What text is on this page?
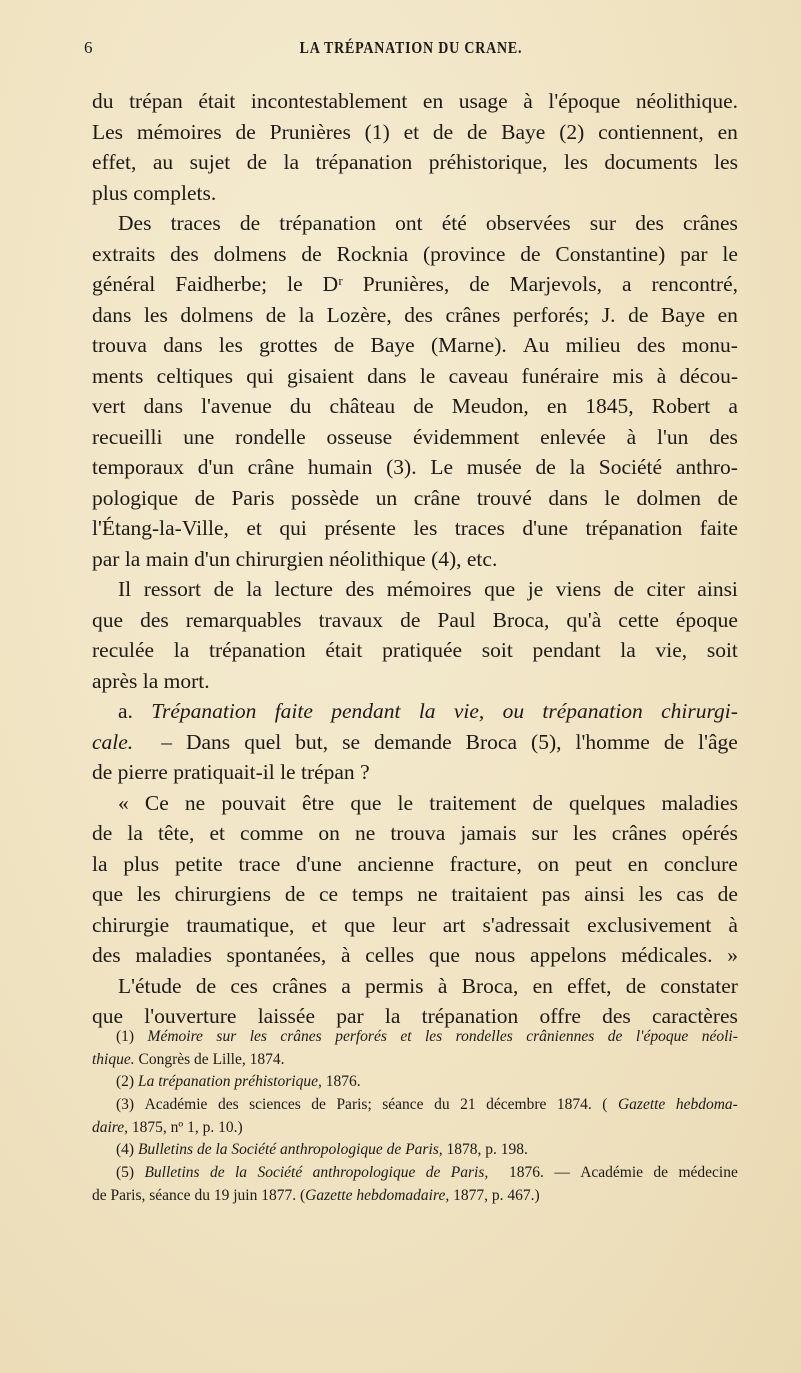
6	LA TRÉPANATION DU CRANE.
du trépan était incontestablement en usage à l'époque néolithique.
Les mémoires de Prunières (1) et de de Baye (2) contiennent, en
effet, au sujet de la trépanation préhistorique, les documents les
plus complets.
Des traces de trépanation ont été observées sur des crânes
extraits des dolmens de Rocknia (province de Constantine) par le
général Faidherbe; le Dʳ Prunières, de Marjevols, a rencontré,
dans les dolmens de la Lozère, des crânes perforés; J. de Baye en
trouva dans les grottes de Baye (Marne). Au milieu des monu-
ments celtiques qui gisaient dans le caveau funéraire mis à décou-
vert dans l'avenue du château de Meudon, en 1845, Robert a
recueilli une rondelle osseuse évidemment enlevée à l'un des
temporaux d'un crâne humain (3). Le musée de la Société anthro-
pologique de Paris possède un crâne trouvé dans le dolmen de
l'Étang-la-Ville, et qui présente les traces d'une trépanation faite
par la main d'un chirurgien néolithique (4), etc.
Il ressort de la lecture des mémoires que je viens de citer ainsi
que des remarquables travaux de Paul Broca, qu'à cette époque
reculée la trépanation était pratiquée soit pendant la vie, soit
après la mort.
a. Trépanation faite pendant la vie, ou trépanation chirurgi-
cale. – Dans quel but, se demande Broca (5), l'homme de l'âge
de pierre pratiquait-il le trépan ?
« Ce ne pouvait être que le traitement de quelques maladies
de la tête, et comme on ne trouva jamais sur les crânes opérés
la plus petite trace d'une ancienne fracture, on peut en conclure
que les chirurgiens de ce temps ne traitaient pas ainsi les cas de
chirurgie traumatique, et que leur art s'adressait exclusivement à
des maladies spontanées, à celles que nous appelons médicales. »
L'étude de ces crânes a permis à Broca, en effet, de constater
que l'ouverture laissée par la trépanation offre des caractères
(1) Mémoire sur les crânes perforés et les rondelles crâniennes de l'époque néoli-
thique. Congrès de Lille, 1874.
(2) La trépanation préhistorique, 1876.
(3) Académie des sciences de Paris; séance du 21 décembre 1874. ( Gazette hebdoma-
daire, 1875, nº 1, p. 10.)
(4) Bulletins de la Société anthropologique de Paris, 1878, p. 198.
(5) Bulletins de la Société anthropologique de Paris, 1876. — Académie de médecine
de Paris, séance du 19 juin 1877. (Gazette hebdomadaire, 1877, p. 467.)
